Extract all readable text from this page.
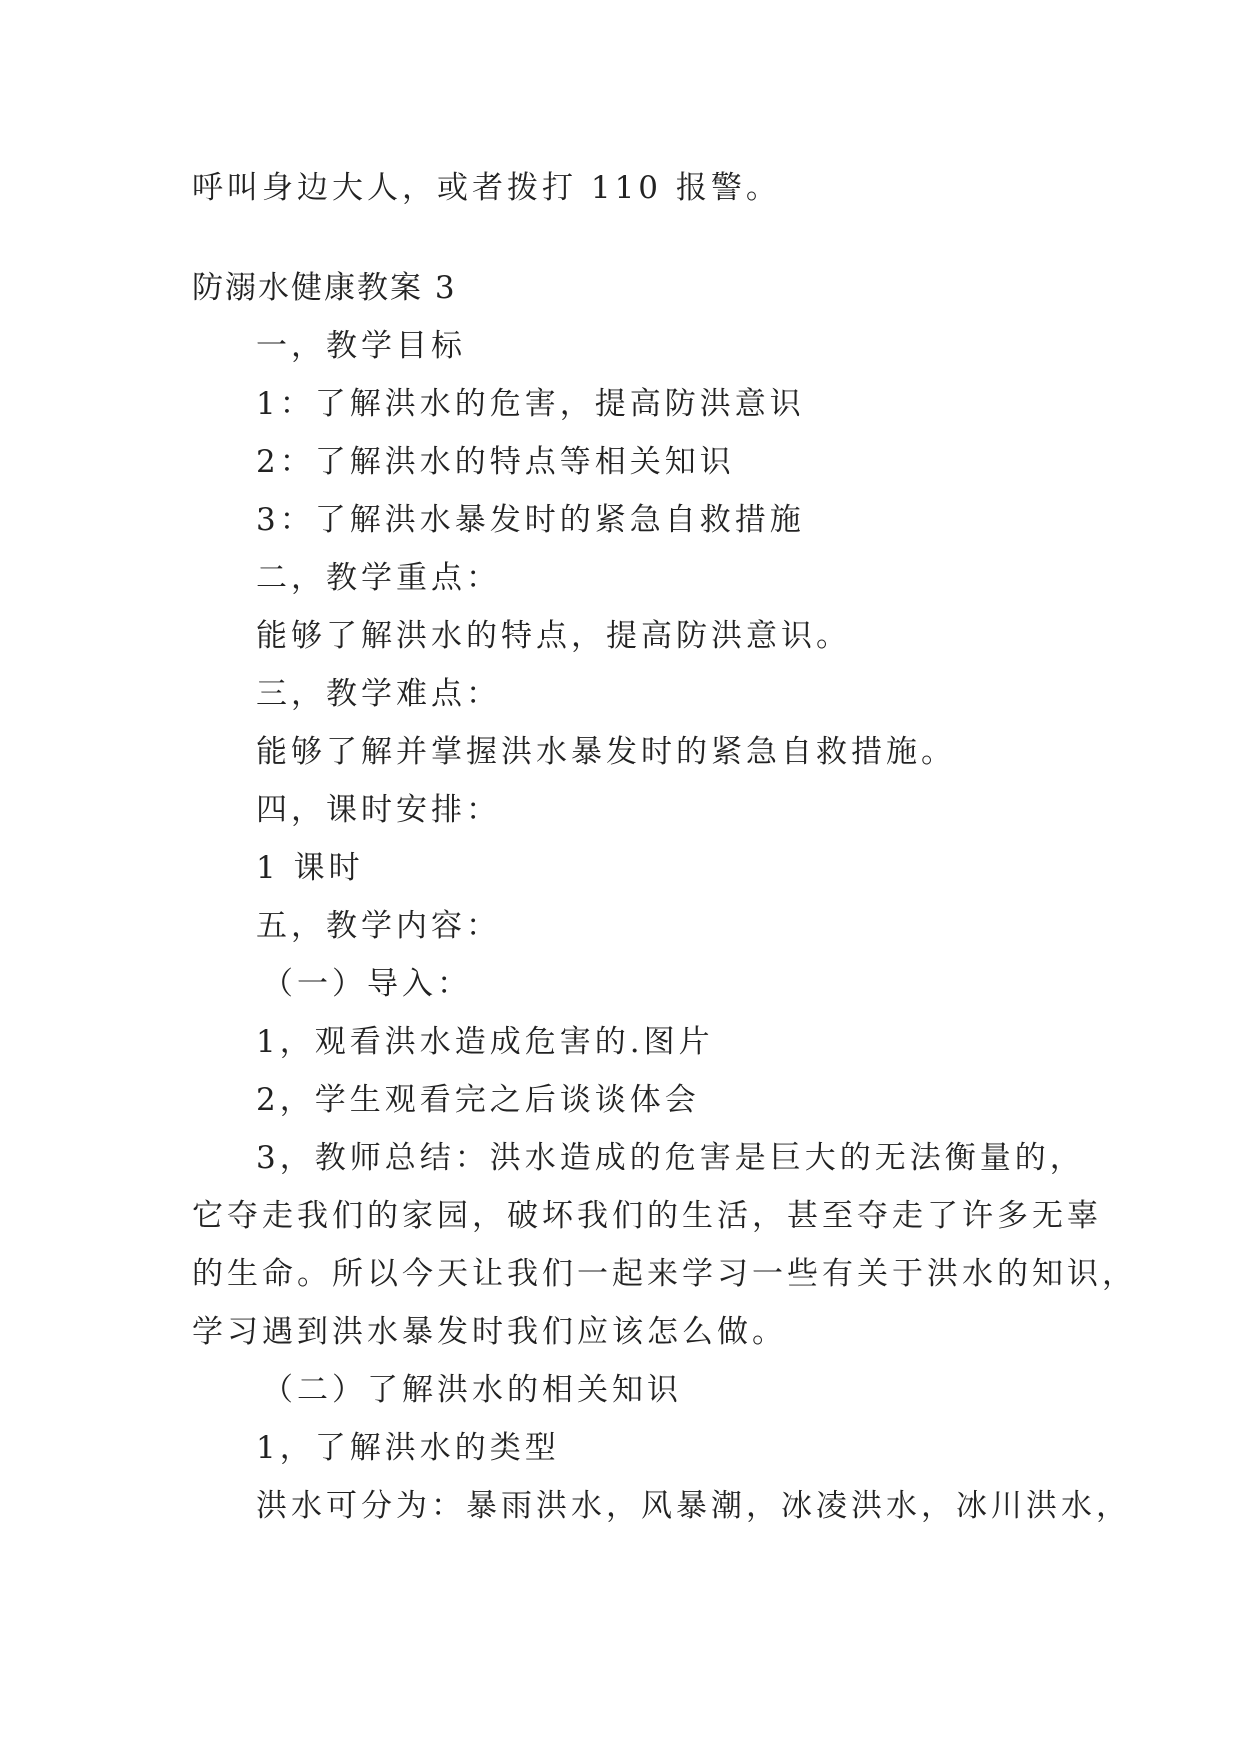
呼叫身边大人，或者拨打 110 报警。
防溺水健康教案 3
一，教学目标
1：了解洪水的危害，提高防洪意识
2：了解洪水的特点等相关知识
3：了解洪水暴发时的紧急自救措施
二，教学重点：
能够了解洪水的特点，提高防洪意识。
三，教学难点：
能够了解并掌握洪水暴发时的紧急自救措施。
四，课时安排：
1 课时
五，教学内容：
（一）导入：
1，观看洪水造成危害的.图片
2，学生观看完之后谈谈体会
3，教师总结：洪水造成的危害是巨大的无法衡量的，
它夺走我们的家园，破坏我们的生活，甚至夺走了许多无辜
的生命。所以今天让我们一起来学习一些有关于洪水的知识，
学习遇到洪水暴发时我们应该怎么做。
（二）了解洪水的相关知识
1，了解洪水的类型
洪水可分为：暴雨洪水，风暴潮，冰凌洪水，冰川洪水，
